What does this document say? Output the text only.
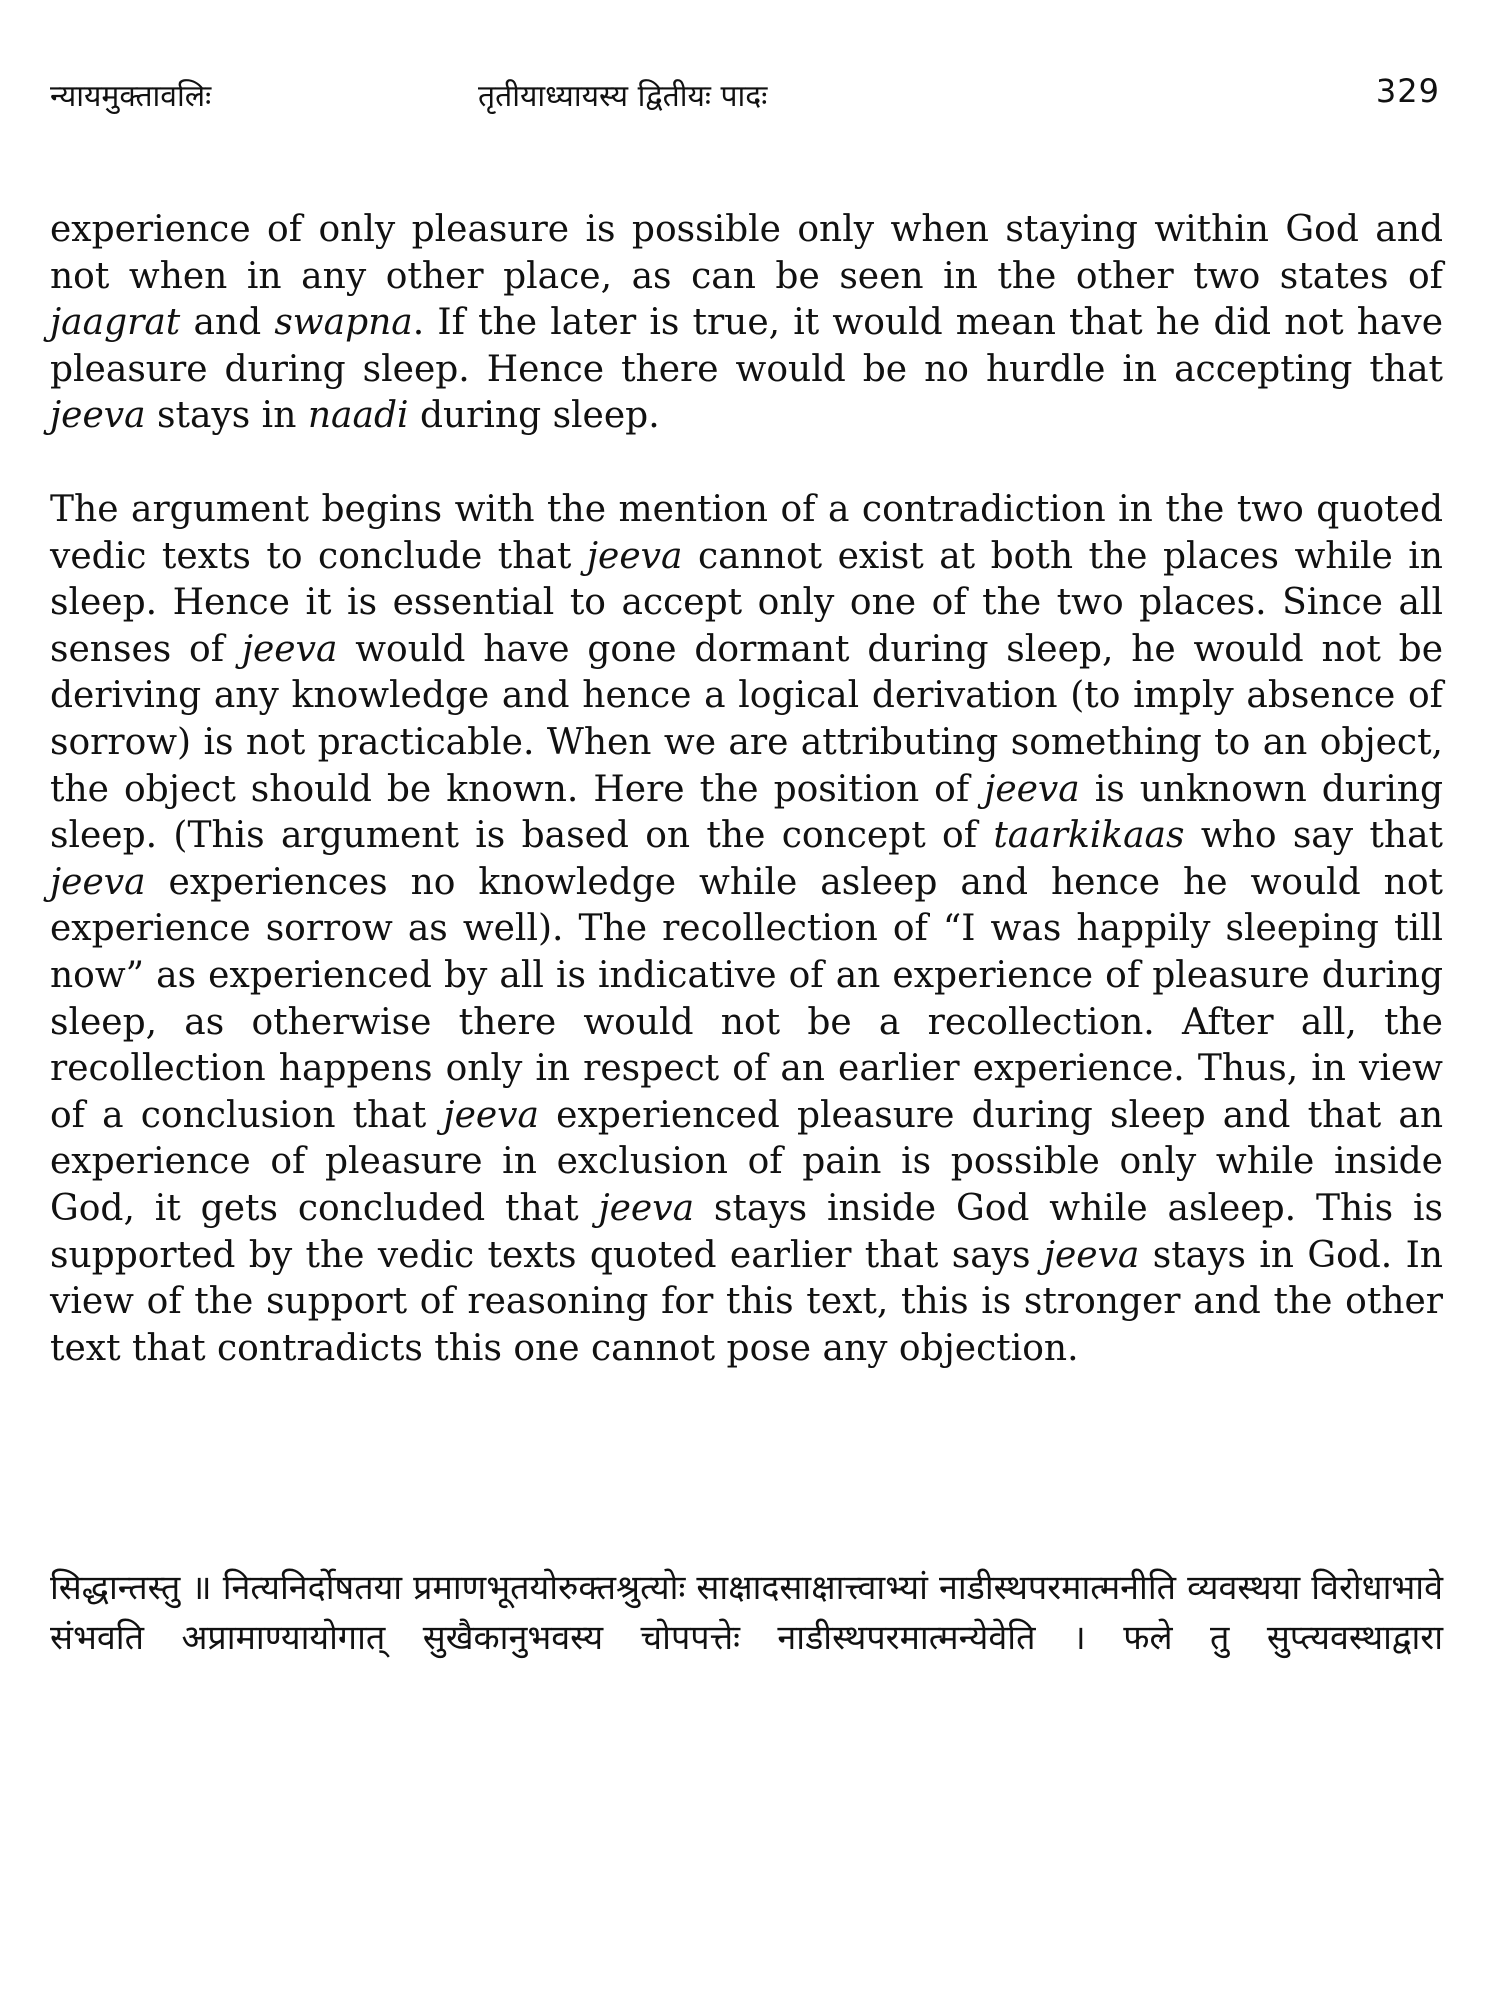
न्यायमुक्तावलिः	तृतीयाध्यायस्य द्वितीयः पादः	329

experience of only pleasure is possible only when staying within God and not when in any other place, as can be seen in the other two states of jaagrat and swapna. If the later is true, it would mean that he did not have pleasure during sleep. Hence there would be no hurdle in accepting that jeeva stays in naadi during sleep.

The argument begins with the mention of a contradiction in the two quoted vedic texts to conclude that jeeva cannot exist at both the places while in sleep. Hence it is essential to accept only one of the two places. Since all senses of jeeva would have gone dormant during sleep, he would not be deriving any knowledge and hence a logical derivation (to imply absence of sorrow) is not practicable. When we are attributing something to an object, the object should be known. Here the position of jeeva is unknown during sleep. (This argument is based on the concept of taarkikaas who say that jeeva experiences no knowledge while asleep and hence he would not experience sorrow as well). The recollection of “I was happily sleeping till now” as experienced by all is indicative of an experience of pleasure during sleep, as otherwise there would not be a recollection. After all, the recollection happens only in respect of an earlier experience. Thus, in view of a conclusion that jeeva experienced pleasure during sleep and that an experience of pleasure in exclusion of pain is possible only while inside God, it gets concluded that jeeva stays inside God while asleep. This is supported by the vedic texts quoted earlier that says jeeva stays in God. In view of the support of reasoning for this text, this is stronger and the other text that contradicts this one cannot pose any objection.

सिद्धान्तस्तु ॥ नित्यनिर्दोषतया प्रमाणभूतयोरुक्तश्रुत्योः साक्षादसाक्षात्त्वाभ्यां नाडीस्थपरमात्मनीति व्यवस्थया विरोधाभावे संभवति अप्रामाण्यायोगात् सुखैकानुभवस्य चोपपत्तेः नाडीस्थपरमात्मन्येवेति । फले तु सुप्त्यवस्थाद्वारा
